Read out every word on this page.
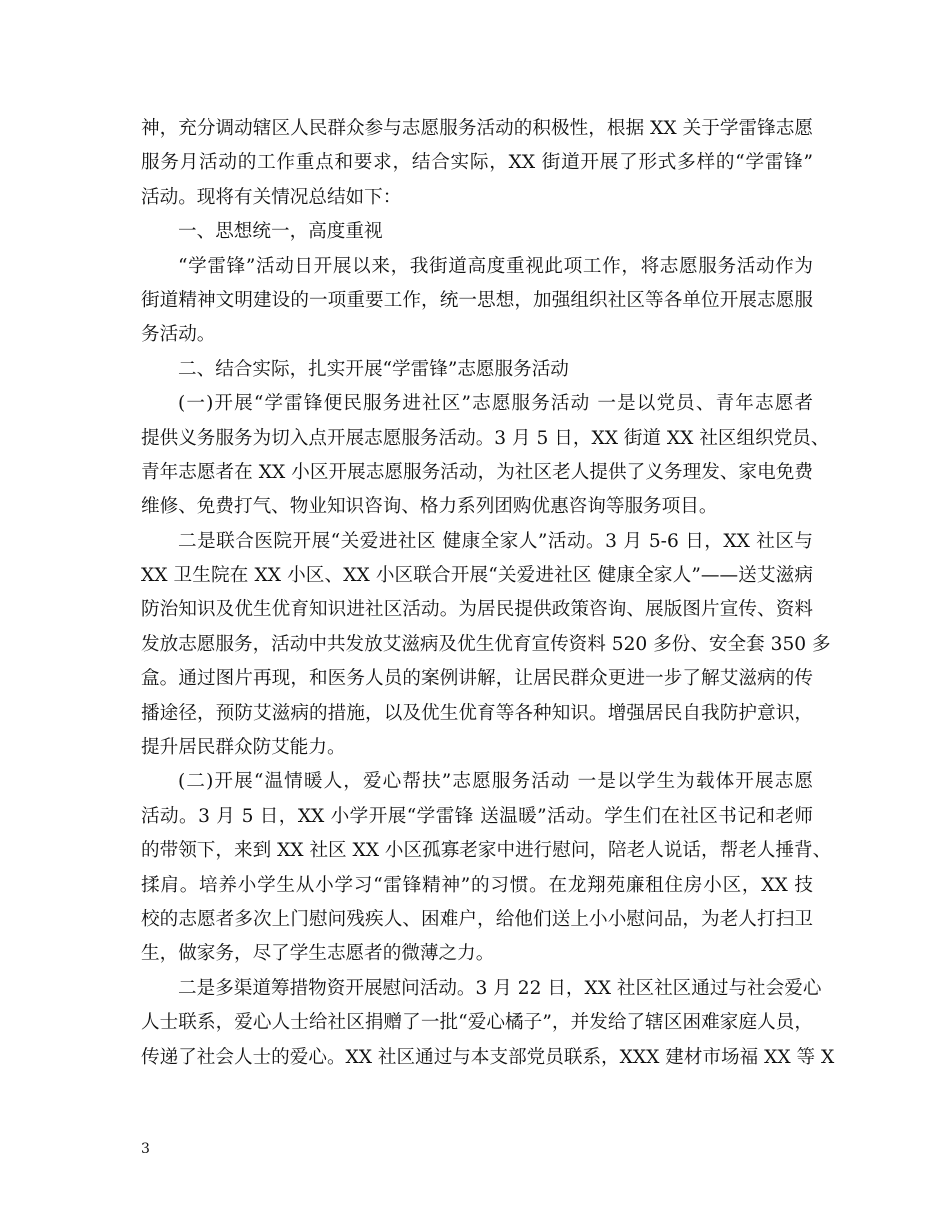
神，充分调动辖区人民群众参与志愿服务活动的积极性，根据 XX 关于学雷锋志愿
服务月活动的工作重点和要求，结合实际，XX 街道开展了形式多样的“学雷锋”
活动。现将有关情况总结如下：
一、思想统一，高度重视
“学雷锋”活动日开展以来，我街道高度重视此项工作，将志愿服务活动作为
街道精神文明建设的一项重要工作，统一思想，加强组织社区等各单位开展志愿服
务活动。
二、结合实际，扎实开展“学雷锋”志愿服务活动
(一)开展“学雷锋便民服务进社区”志愿服务活动 一是以党员、青年志愿者
提供义务服务为切入点开展志愿服务活动。3 月 5 日，XX 街道 XX 社区组织党员、
青年志愿者在 XX 小区开展志愿服务活动，为社区老人提供了义务理发、家电免费
维修、免费打气、物业知识咨询、格力系列团购优惠咨询等服务项目。
二是联合医院开展“关爱进社区 健康全家人”活动。3 月 5-6 日，XX 社区与
XX 卫生院在 XX 小区、XX 小区联合开展“关爱进社区 健康全家人”——送艾滋病
防治知识及优生优育知识进社区活动。为居民提供政策咨询、展版图片宣传、资料
发放志愿服务，活动中共发放艾滋病及优生优育宣传资料 520 多份、安全套 350 多
盒。通过图片再现，和医务人员的案例讲解，让居民群众更进一步了解艾滋病的传
播途径，预防艾滋病的措施，以及优生优育等各种知识。增强居民自我防护意识，
提升居民群众防艾能力。
(二)开展“温情暖人，爱心帮扶”志愿服务活动 一是以学生为载体开展志愿
活动。3 月 5 日，XX 小学开展“学雷锋 送温暖”活动。学生们在社区书记和老师
的带领下，来到 XX 社区 XX 小区孤寡老家中进行慰问，陪老人说话，帮老人捶背、
揉肩。培养小学生从小学习“雷锋精神”的习惯。在龙翔苑廉租住房小区，XX 技
校的志愿者多次上门慰问残疾人、困难户，给他们送上小小慰问品，为老人打扫卫
生，做家务，尽了学生志愿者的微薄之力。
二是多渠道筹措物资开展慰问活动。3 月 22 日，XX 社区社区通过与社会爱心
人士联系，爱心人士给社区捐赠了一批“爱心橘子”，并发给了辖区困难家庭人员，
传递了社会人士的爱心。XX 社区通过与本支部党员联系，XXX 建材市场福 XX 等 X
3
